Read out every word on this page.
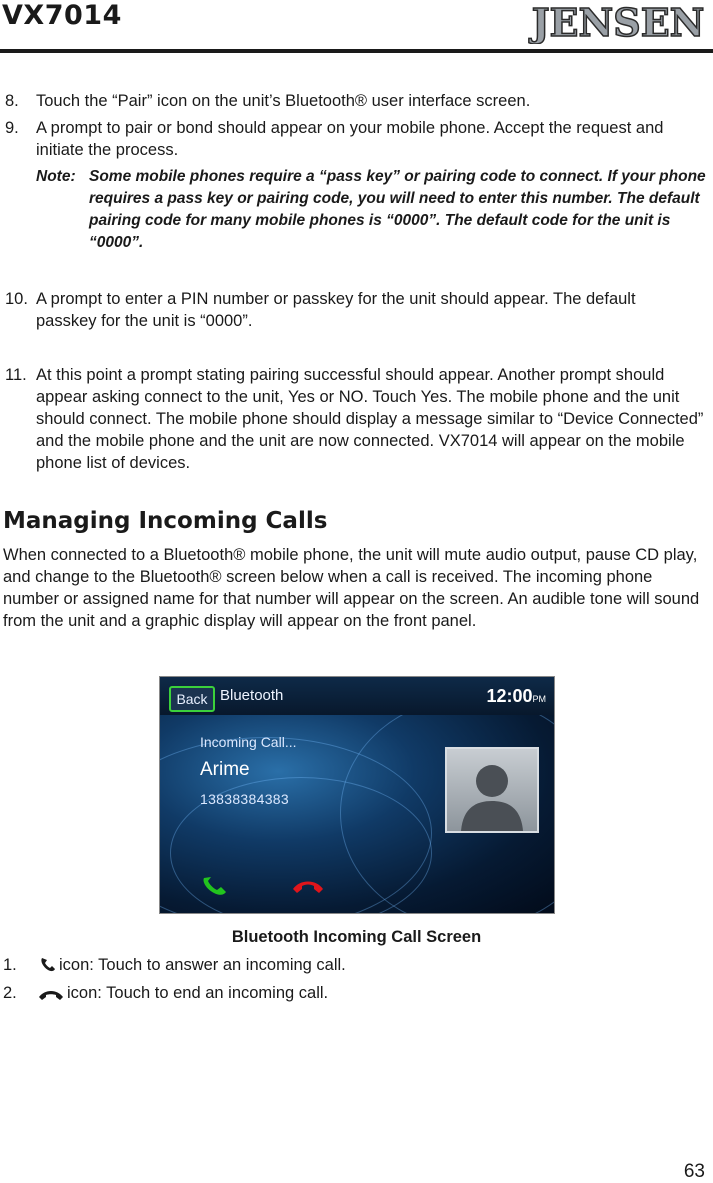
VX7014	JENSEN
8. Touch the “Pair” icon on the unit’s Bluetooth® user interface screen.
9. A prompt to pair or bond should appear on your mobile phone. Accept the request and initiate the process.
Note: Some mobile phones require a “pass key” or pairing code to connect. If your phone requires a pass key or pairing code, you will need to enter this number. The default pairing code for many mobile phones is “0000”. The default code for the unit is “0000”.
10. A prompt to enter a PIN number or passkey for the unit should appear. The default passkey for the unit is “0000”.
11. At this point a prompt stating pairing successful should appear. Another prompt should appear asking connect to the unit, Yes or NO. Touch Yes. The mobile phone and the unit should connect. The mobile phone should display a message similar to “Device Connected” and the mobile phone and the unit are now connected. VX7014 will appear on the mobile phone list of devices.
Managing Incoming Calls
When connected to a Bluetooth® mobile phone, the unit will mute audio output, pause CD play, and change to the Bluetooth® screen below when a call is received. The incoming phone number or assigned name for that number will appear on the screen. An audible tone will sound from the unit and a graphic display will appear on the front panel.
Back Bluetooth	12:00PM
Incoming Call...
Arime
13838384383
Bluetooth Incoming Call Screen
1.	icon: Touch to answer an incoming call.
2.	icon: Touch to end an incoming call.
63
